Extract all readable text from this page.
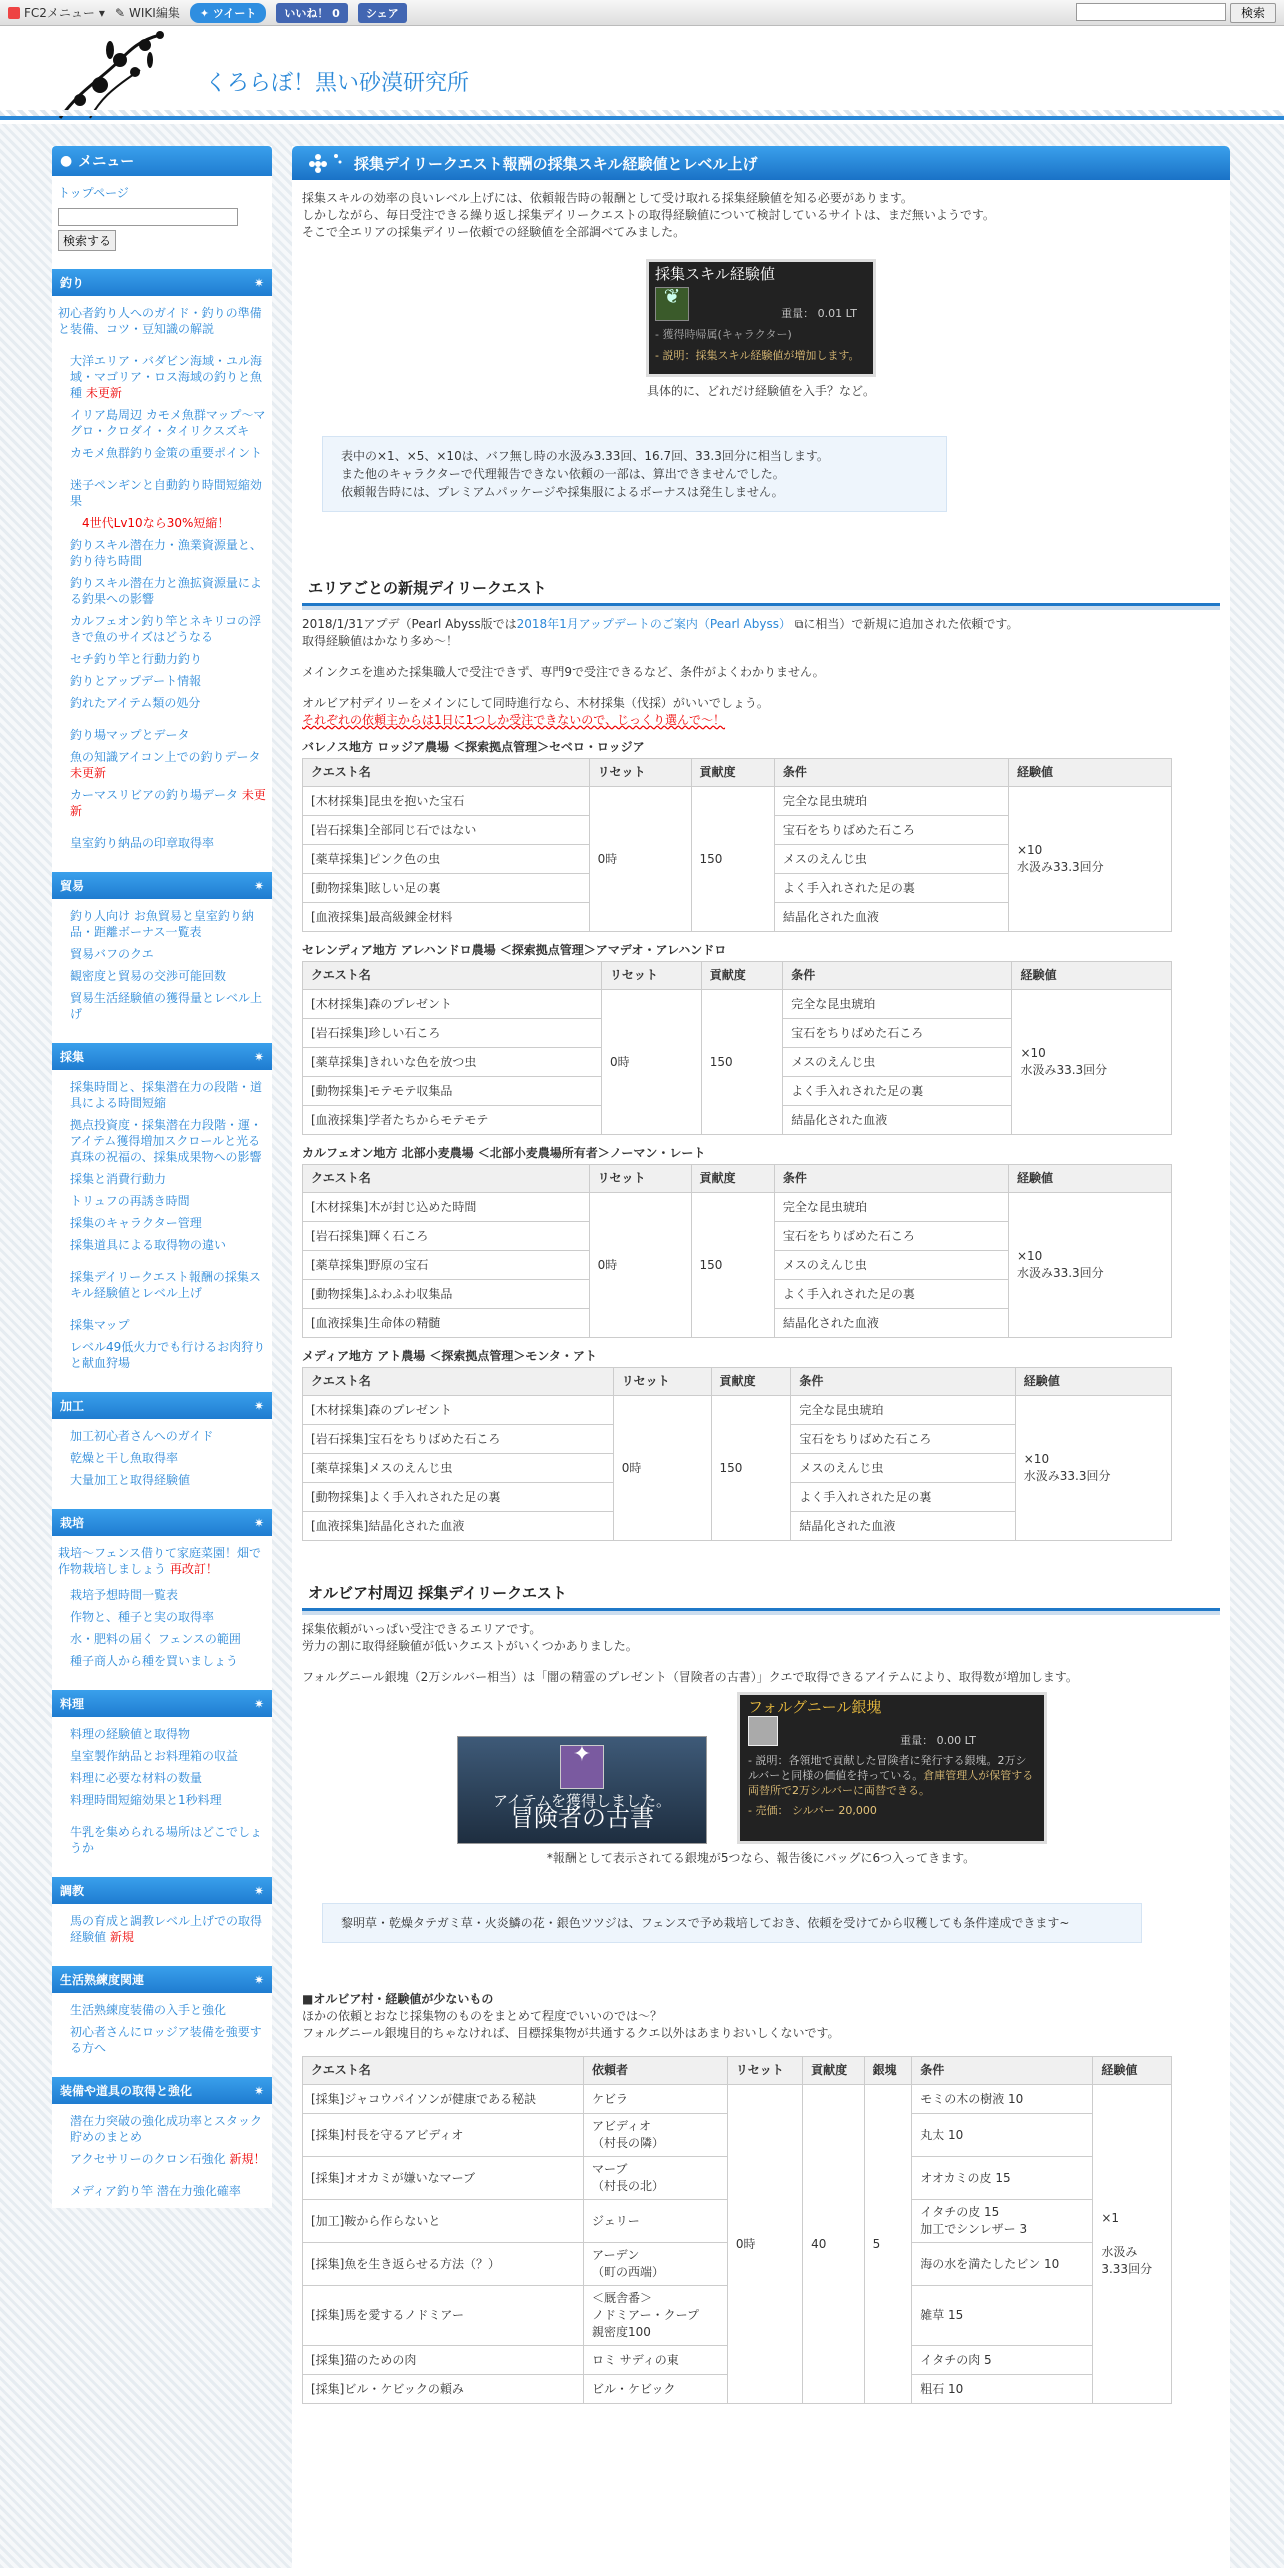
FC2メニュー ▾ ✎ WIKI編集	✦ ツイート	いいね！ 0	シェア	検索
くろらぼ！黒い砂漠研究所
● メニュー
トップページ

検索する
釣り	✷
初心者釣り人へのガイド・釣りの準備と装備、コツ・豆知識の解説
大洋エリア・バダビン海域・ユル海域・マゴリア・ロス海域の釣りと魚種 未更新
イリア島周辺 カモメ魚群マップ～マグロ・クロダイ・タイリクスズキ
カモメ魚群釣り金策の重要ポイント
迷子ペンギンと自動釣り時間短縮効果
4世代Lv10なら30%短縮！
釣りスキル潜在力・漁業資源量と、釣り待ち時間
釣りスキル潜在力と漁拡資源量による釣果への影響
カルフェオン釣り竿とネキリコの浮きで魚のサイズはどうなる
セチ釣り竿と行動力釣り
釣りとアップデート情報
釣れたアイテム類の処分
釣り場マップとデータ
魚の知識アイコン上での釣りデータ 未更新
カーマスリビアの釣り場データ 未更新
皇室釣り納品の印章取得率
貿易	✷
釣り人向け お魚貿易と皇室釣り納品・距離ボーナス一覧表
貿易バフのクエ
観密度と貿易の交渉可能回数
貿易生活経験値の獲得量とレベル上げ
採集	✷
採集時間と、採集潜在力の段階・道具による時間短縮
拠点投資度・採集潜在力段階・運・アイテム獲得増加スクロールと光る真珠の祝福の、採集成果物への影響
採集と消費行動力
トリュフの再誘き時間
採集のキャラクター管理
採集道具による取得物の違い
採集デイリークエスト報酬の採集スキル経験値とレベル上げ
採集マップ
レベル49低火力でも行けるお肉狩りと献血狩場
加工	✷
加工初心者さんへのガイド
乾燥と干し魚取得率
大量加工と取得経験値
栽培	✷
栽培～フェンス借りて家庭菜園！畑で作物栽培しましょう 再改訂！
栽培予想時間一覧表
作物と、種子と実の取得率
水・肥料の届く フェンスの範囲
種子商人から種を買いましょう
料理	✷
料理の経験値と取得物
皇室製作納品とお料理箱の収益
料理に必要な材料の数量
料理時間短縮効果と1秒料理
牛乳を集められる場所はどこでしょうか
調教	✷
馬の育成と調教レベル上げでの取得経験値 新規
生活熟練度関連	✷
生活熟練度装備の入手と強化
初心者さんにロッジア装備を強要する方へ
装備や道具の取得と強化	✷
潜在力突破の強化成功率とスタック貯めのまとめ
アクセサリーのクロン石強化 新規！
メディア釣り竿 潜在力強化確率
採集デイリークエスト報酬の採集スキル経験値とレベル上げ
採集スキルの効率の良いレベル上げには、依頼報告時の報酬として受け取れる採集経験値を知る必要があります。
しかしながら、毎日受注できる繰り返し採集デイリークエストの取得経験値について検討しているサイトは、まだ無いようです。
そこで全エリアの採集デイリー依頼での経験値を全部調べてみました。
採集スキル経験値
❦
重量： 0.01 LT
- 獲得時帰属(キャラクター)
- 説明：採集スキル経験値が増加します。
具体的に、どれだけ経験値を入手？など。
表中の×1、×5、×10は、バフ無し時の水汲み3.33回、16.7回、33.3回分に相当します。
また他のキャラクターで代理報告できない依頼の一部は、算出できませんでした。
依頼報告時には、プレミアムパッケージや採集服によるボーナスは発生しません。
エリアごとの新規デイリークエスト
2018/1/31アプデ（Pearl Abyss版では2018年1月アップデートのご案内（Pearl Abyss） ⧉に相当）で新規に追加された依頼です。
取得経験値はかなり多め～！
メインクエを進めた採集職人で受注できず、専門9で受注できるなど、条件がよくわかりません。
オルビア村デイリーをメインにして同時進行なら、木材採集（伐採）がいいでしょう。
それぞれの依頼主からは1日に1つしか受注できないので、じっくり選んで～！
バレノス地方 ロッジア農場 ＜探索拠点管理＞セベロ・ロッジア
クエスト名	リセット	貢献度	条件	経験値
[木材採集]昆虫を抱いた宝石	0時	150	完全な昆虫琥珀	×10
水汲み33.3回分
[岩石採集]全部同じ石ではない			宝石をちりばめた石ころ	
[薬草採集]ピンク色の虫			メスのえんじ虫	
[動物採集]眩しい足の裏			よく手入れされた足の裏	
[血液採集]最高級錬金材料			結晶化された血液	
セレンディア地方 アレハンドロ農場 ＜探索拠点管理＞アマデオ・アレハンドロ
クエスト名	リセット	貢献度	条件	経験値
[木材採集]森のプレゼント	0時	150	完全な昆虫琥珀	×10
水汲み33.3回分
[岩石採集]珍しい石ころ			宝石をちりばめた石ころ	
[薬草採集]きれいな色を放つ虫			メスのえんじ虫	
[動物採集]モテモテ収集品			よく手入れされた足の裏	
[血液採集]学者たちからモテモテ			結晶化された血液	
カルフェオン地方 北部小麦農場 ＜北部小麦農場所有者＞ノーマン・レート
クエスト名	リセット	貢献度	条件	経験値
[木材採集]木が封じ込めた時間	0時	150	完全な昆虫琥珀	×10
水汲み33.3回分
[岩石採集]輝く石ころ			宝石をちりばめた石ころ	
[薬草採集]野原の宝石			メスのえんじ虫	
[動物採集]ふわふわ収集品			よく手入れされた足の裏	
[血液採集]生命体の精髄			結晶化された血液	
メディア地方 アト農場 ＜探索拠点管理＞モンタ・アト
クエスト名	リセット	貢献度	条件	経験値
[木材採集]森のプレゼント	0時	150	完全な昆虫琥珀	×10
水汲み33.3回分
[岩石採集]宝石をちりばめた石ころ			宝石をちりばめた石ころ	
[薬草採集]メスのえんじ虫			メスのえんじ虫	
[動物採集]よく手入れされた足の裏			よく手入れされた足の裏	
[血液採集]結晶化された血液			結晶化された血液	
オルビア村周辺 採集デイリークエスト
採集依頼がいっぱい受注できるエリアです。
労力の割に取得経験値が低いクエストがいくつかありました。
フォルグニール銀塊（2万シルバー相当）は「闇の精霊のプレゼント（冒険者の古書）」クエで取得できるアイテムにより、取得数が増加します。
✦
アイテムを獲得しました。
冒険者の古書
フォルグニール銀塊
重量： 0.00 LT
- 説明：各領地で貢献した冒険者に発行する銀塊。2万シルバーと同様の価値を持っている。倉庫管理人が保管する両替所で2万シルバーに両替できる。
- 売価： シルバー 20,000
*報酬として表示されてる銀塊が5つなら、報告後にバッグに6つ入ってきます。
黎明草・乾燥タテガミ草・火炎鱗の花・銀色ツツジは、フェンスで予め栽培しておき、依頼を受けてから収穫しても条件達成できます~
■オルビア村・経験値が少ないもの
ほかの依頼とおなじ採集物のものをまとめて程度でいいのでは～？
フォルグニール銀塊目的ちゃなければ、目標採集物が共通するクエ以外はあまりおいしくないです。
クエスト名	依頼者	リセット	貢献度	銀塊	条件	経験値
[採集]ジャコウパイソンが健康である秘訣	ケビラ	0時	40	5	モミの木の樹液 10	×1

水汲み
3.33回分
[採集]村長を守るアビディオ	アビディオ
（村長の隣）				丸太 10	
[採集]オオカミが嫌いなマーブ	マーブ
（村長の北）				オオカミの皮 15	
[加工]鞍から作らないと	ジェリー				イタチの皮 15
加工でシンレザー 3	
[採集]魚を生き返らせる方法（？）	アーデン
（町の西端）				海の水を満たしたビン 10	
[採集]馬を愛するノドミアー	＜厩舎番＞
ノドミアー・クープ
親密度100				雑草 15	
[採集]猫のための肉	ロミ サディの東				イタチの肉 5	
[採集]ビル・ケビックの頼み	ビル・ケビック				粗石 10	
